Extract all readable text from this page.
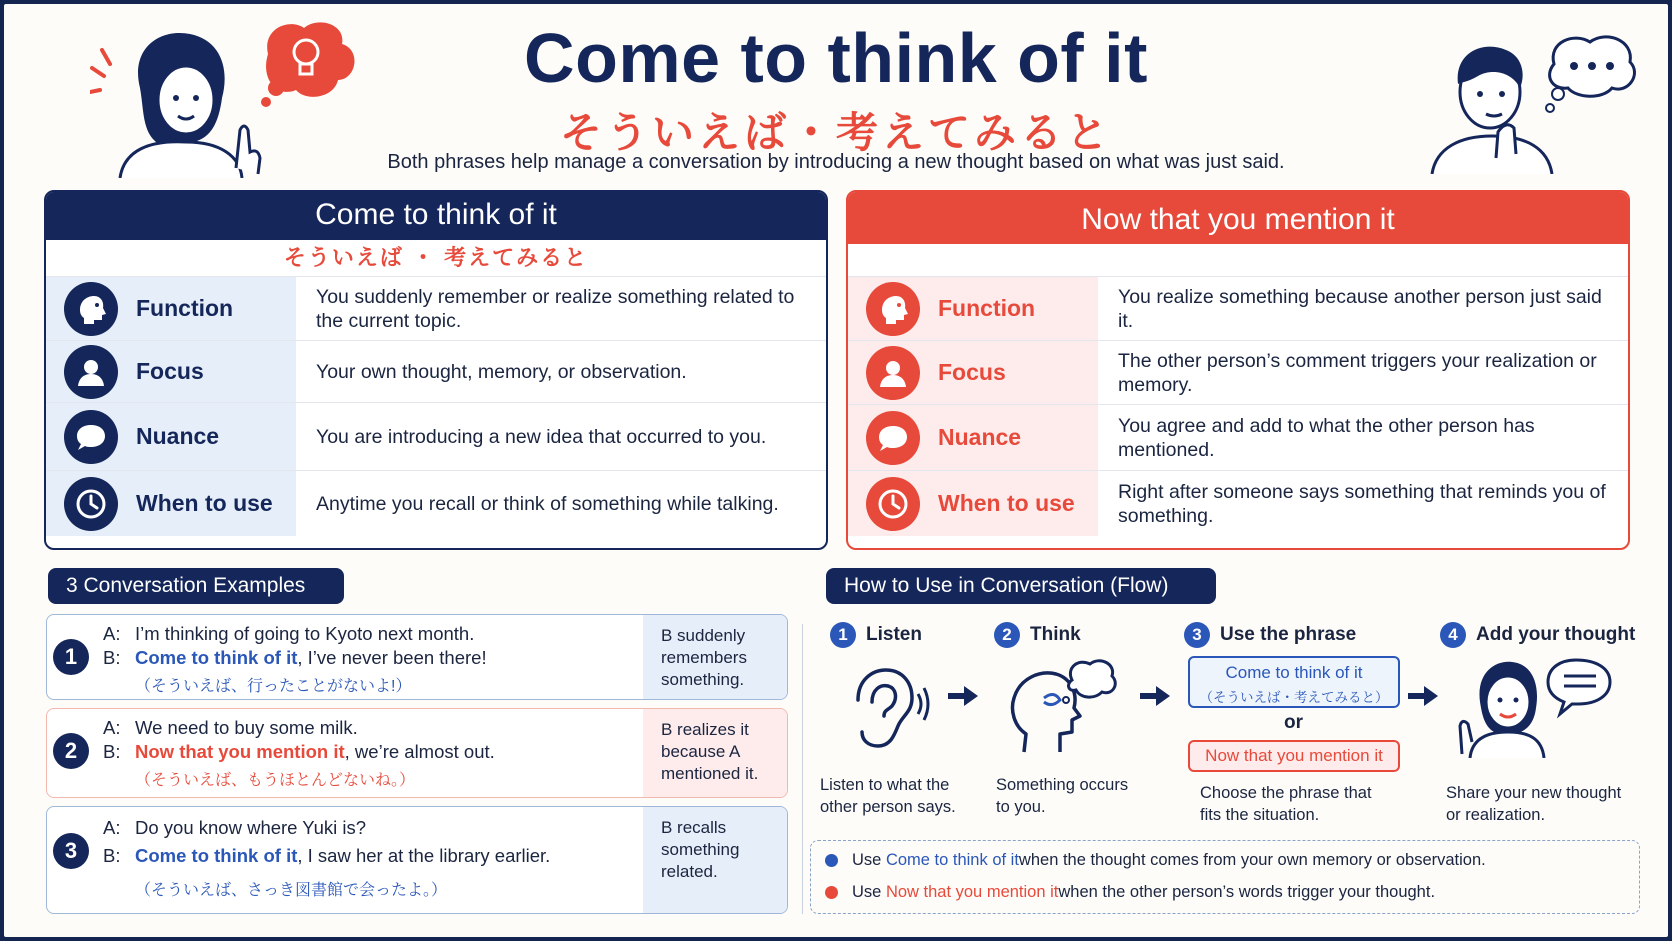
Come to think of it
そういえば・考えてみると
Both phrases help manage a conversation by introducing a new thought based on what was just said.
Come to think of it
そういえば ・ 考えてみると
Function	You suddenly remember or realize something related to the current topic.
Focus	Your own thought, memory, or observation.
Nuance	You are introducing a new idea that occurred to you.
When to use	Anytime you recall or think of something while talking.
Now that you mention it
Function	You realize something because another person just said it.
Focus	The other person’s comment triggers your realization or memory.
Nuance	You agree and add to what the other person has mentioned.
When to use	Right after someone says something that reminds you of something.
3 Conversation Examples
1
A: I’m thinking of going to Kyoto next month.
B: Come to think of it, I’ve never been there!
（そういえば、行ったことがないよ!）
B suddenly remembers something.
2
A: We need to buy some milk.
B: Now that you mention it, we’re almost out.
（そういえば、もうほとんどないね。）
B realizes it because A mentioned it.
3
A: Do you know where Yuki is?
B: Come to think of it, I saw her at the library earlier.
（そういえば、さっき図書館で会ったよ。）
B recalls something related.
How to Use in Conversation (Flow)
1 Listen	2 Think	3 Use the phrase	4 Add your thought
Come to think of it
（そういえば・考えてみると）
or
Now that you mention it
Listen to what the other person says.
Something occurs to you.
Choose the phrase that fits the situation.
Share your new thought or realization.
Use
Come to think of it when the thought comes from your own memory or observation.
Use
Now that you mention it when the other person’s words trigger your thought.
